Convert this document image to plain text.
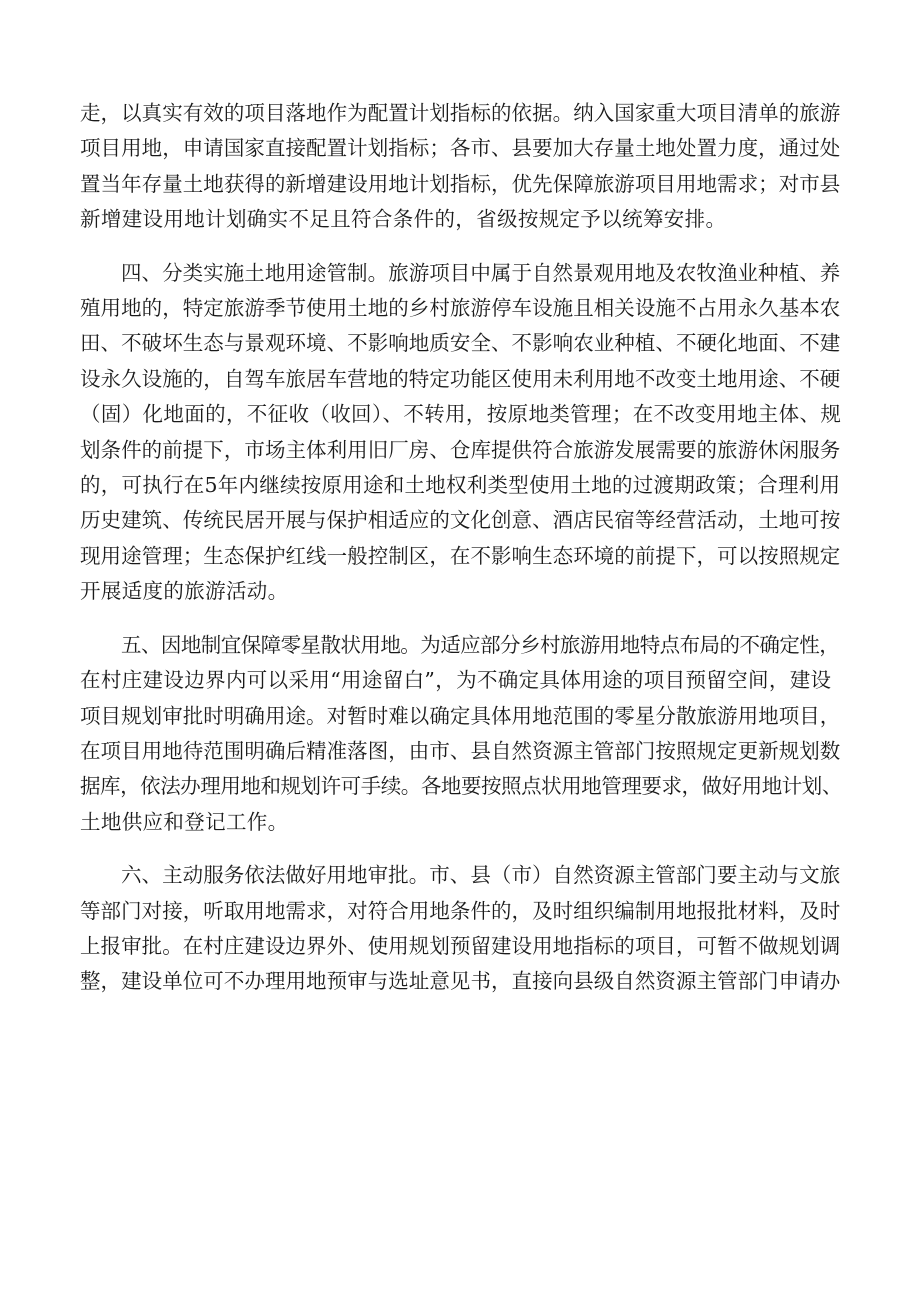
走，以真实有效的项目落地作为配置计划指标的依据。纳入国家重大项目清单的旅游
项目用地，申请国家直接配置计划指标；各市、县要加大存量土地处置力度，通过处
置当年存量土地获得的新增建设用地计划指标，优先保障旅游项目用地需求；对市县
新增建设用地计划确实不足且符合条件的，省级按规定予以统筹安排。

四、分类实施土地用途管制。旅游项目中属于自然景观用地及农牧渔业种植、养
殖用地的，特定旅游季节使用土地的乡村旅游停车设施且相关设施不占用永久基本农
田、不破坏生态与景观环境、不影响地质安全、不影响农业种植、不硬化地面、不建
设永久设施的，自驾车旅居车营地的特定功能区使用未利用地不改变土地用途、不硬
（固）化地面的，不征收（收回）、不转用，按原地类管理；在不改变用地主体、规
划条件的前提下，市场主体利用旧厂房、仓库提供符合旅游发展需要的旅游休闲服务
的，可执行在5年内继续按原用途和土地权利类型使用土地的过渡期政策；合理利用
历史建筑、传统民居开展与保护相适应的文化创意、酒店民宿等经营活动，土地可按
现用途管理；生态保护红线一般控制区，在不影响生态环境的前提下，可以按照规定
开展适度的旅游活动。

五、因地制宜保障零星散状用地。为适应部分乡村旅游用地特点布局的不确定性，
在村庄建设边界内可以采用“用途留白”，为不确定具体用途的项目预留空间，建设
项目规划审批时明确用途。对暂时难以确定具体用地范围的零星分散旅游用地项目，
在项目用地待范围明确后精准落图，由市、县自然资源主管部门按照规定更新规划数
据库，依法办理用地和规划许可手续。各地要按照点状用地管理要求，做好用地计划、
土地供应和登记工作。

六、主动服务依法做好用地审批。市、县（市）自然资源主管部门要主动与文旅
等部门对接，听取用地需求，对符合用地条件的，及时组织编制用地报批材料，及时
上报审批。在村庄建设边界外、使用规划预留建设用地指标的项目，可暂不做规划调
整，建设单位可不办理用地预审与选址意见书，直接向县级自然资源主管部门申请办
